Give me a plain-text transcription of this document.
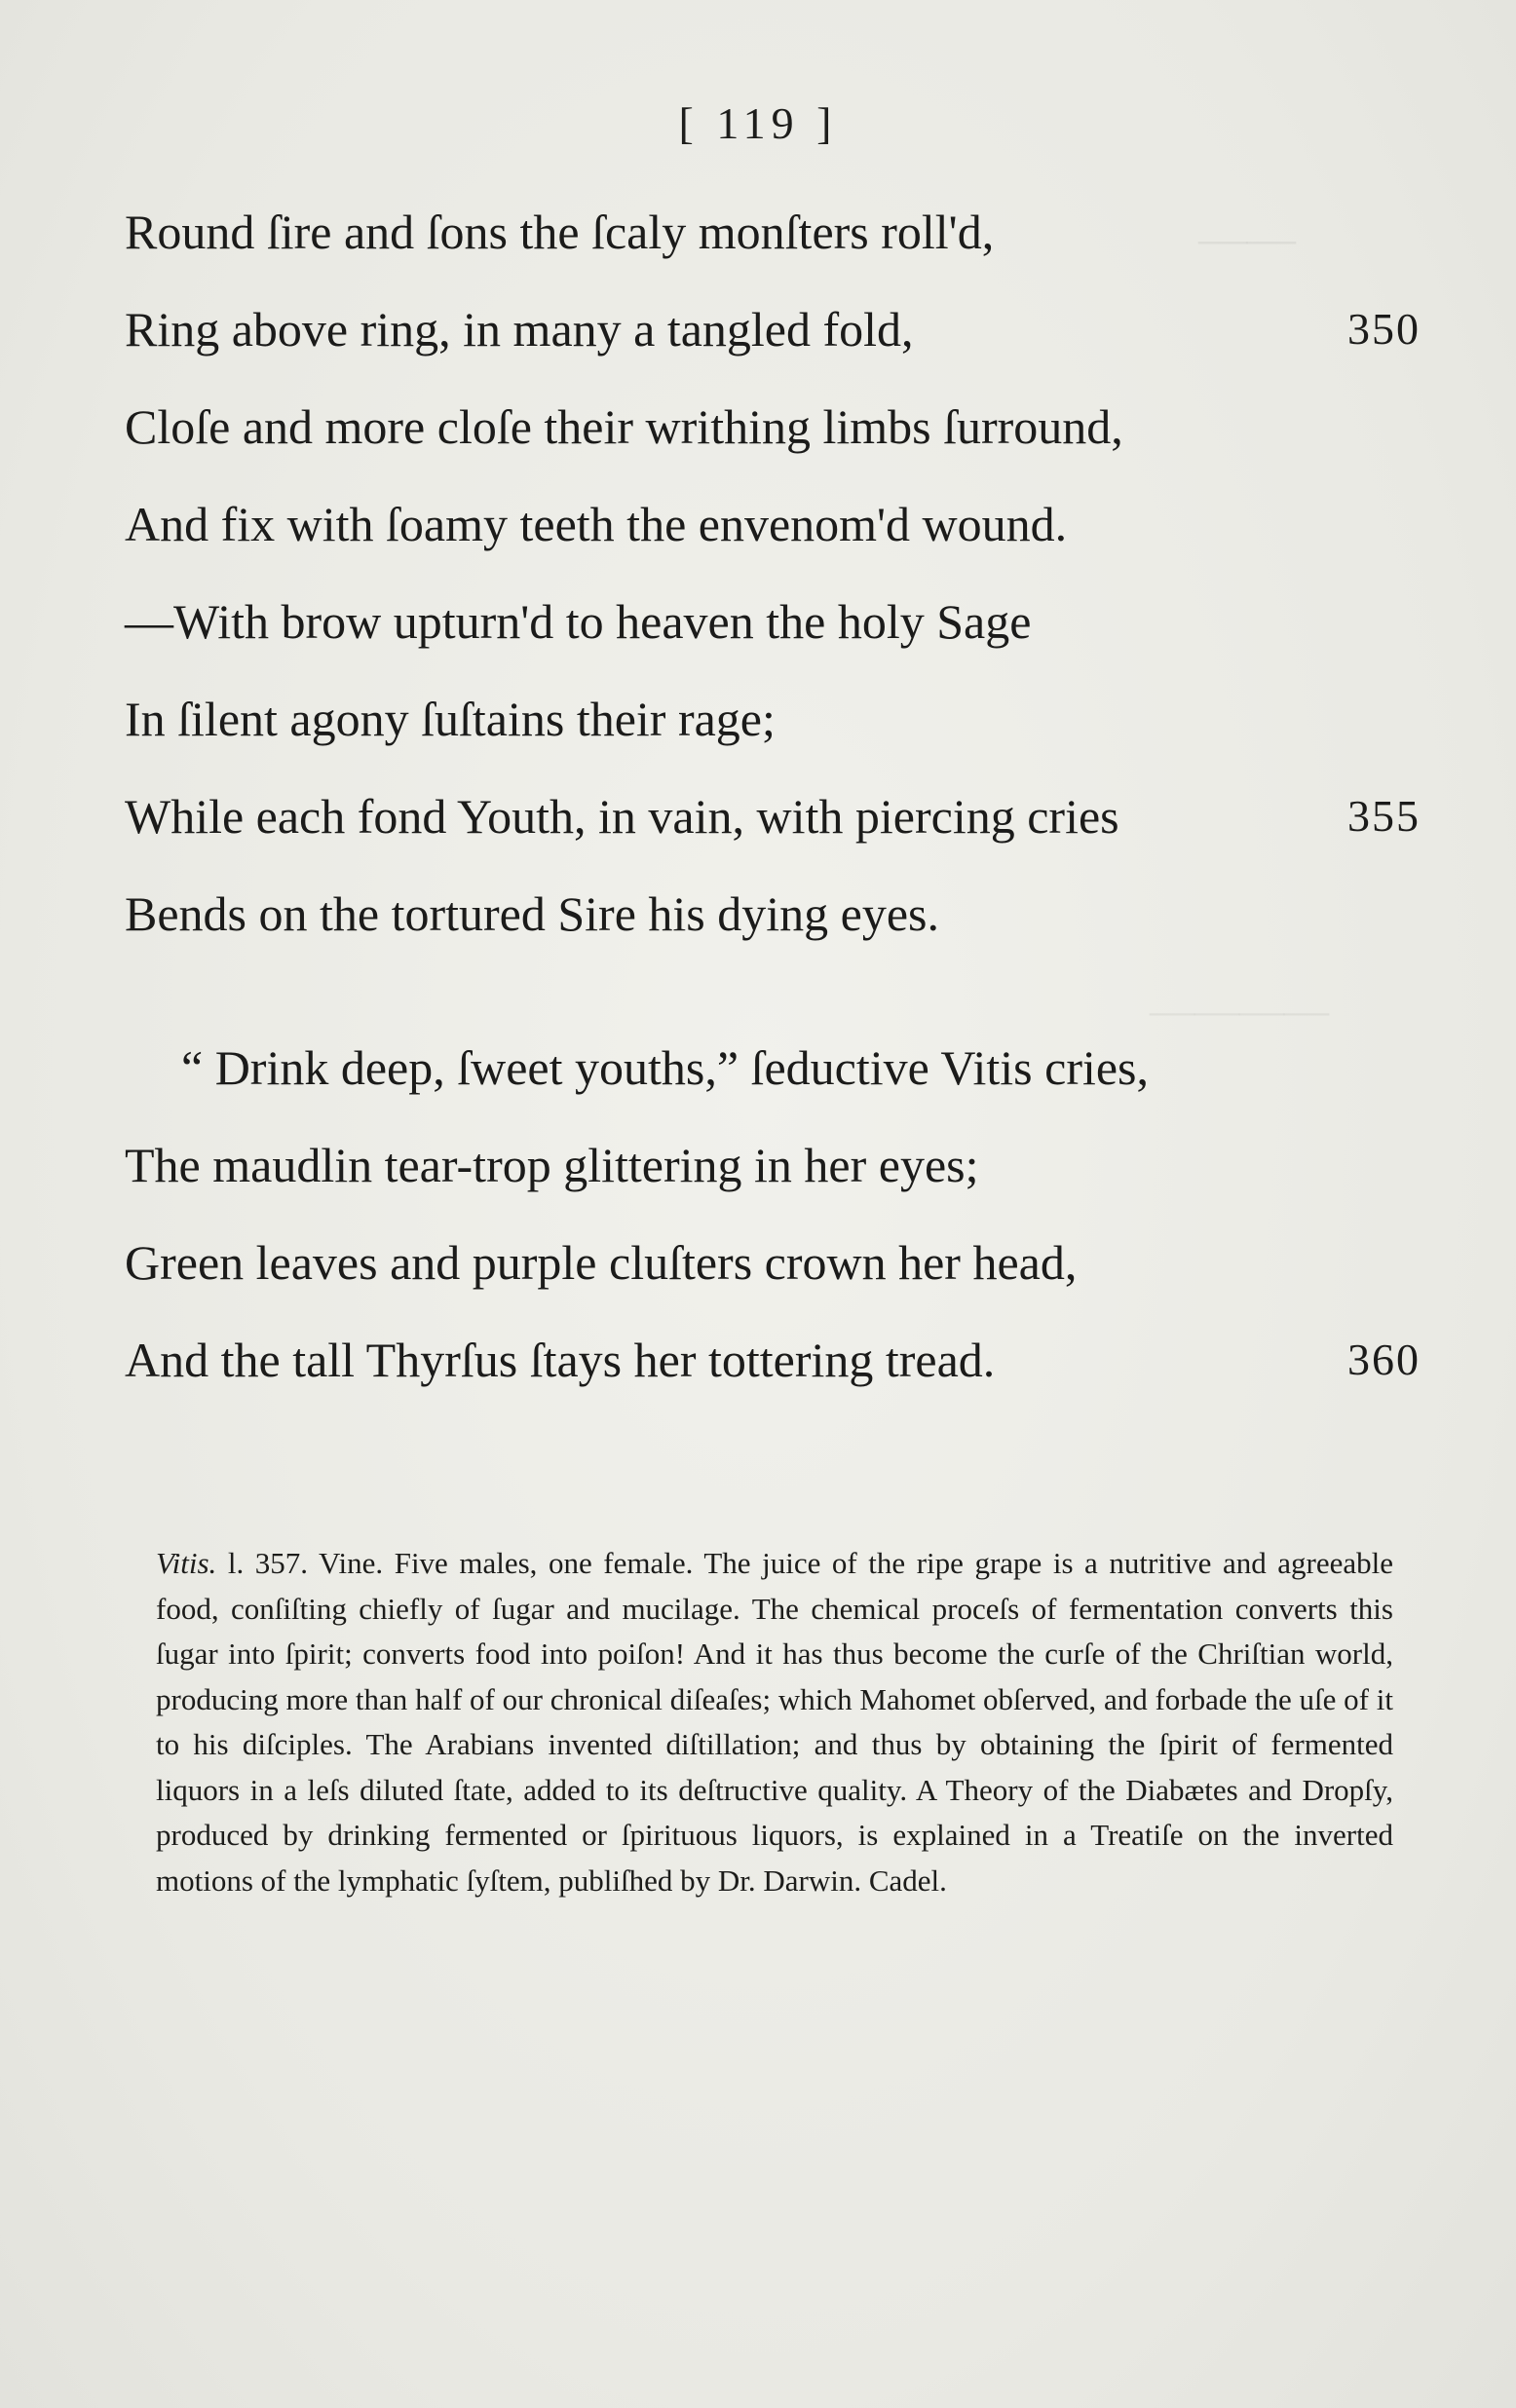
——
————
[ 119 ]
Round ſire and ſons the ſcaly monſters roll'd,
Ring above ring, in many a tangled fold,	350
Cloſe and more cloſe their writhing limbs ſurround,
And fix with ſoamy teeth the envenom'd wound.
—With brow upturn'd to heaven the holy Sage
In ſilent agony ſuſtains their rage;
While each fond Youth, in vain, with piercing cries	355
Bends on the tortured Sire his dying eyes.
“ Drink deep, ſweet youths,” ſeductive Vitis cries,
The maudlin tear-trop glittering in her eyes;
Green leaves and purple cluſters crown her head,
And the tall Thyrſus ſtays her tottering tread.	360
Vitis. l. 357. Vine. Five males, one female. The juice of the ripe grape is a nutritive and agreeable food, conſiſting chiefly of ſugar and mucilage. The chemical proceſs of fermentation converts this ſugar into ſpirit; converts food into poiſon! And it has thus become the curſe of the Chriſtian world, producing more than half of our chronical diſeaſes; which Mahomet obſerved, and forbade the uſe of it to his diſciples. The Arabians invented diſtillation; and thus by obtaining the ſpirit of fermented liquors in a leſs diluted ſtate, added to its deſtructive quality. A Theory of the Diabætes and Dropſy, produced by drinking fermented or ſpirituous liquors, is explained in a Treatiſe on the inverted motions of the lymphatic ſyſtem, publiſhed by Dr. Darwin. Cadel.
